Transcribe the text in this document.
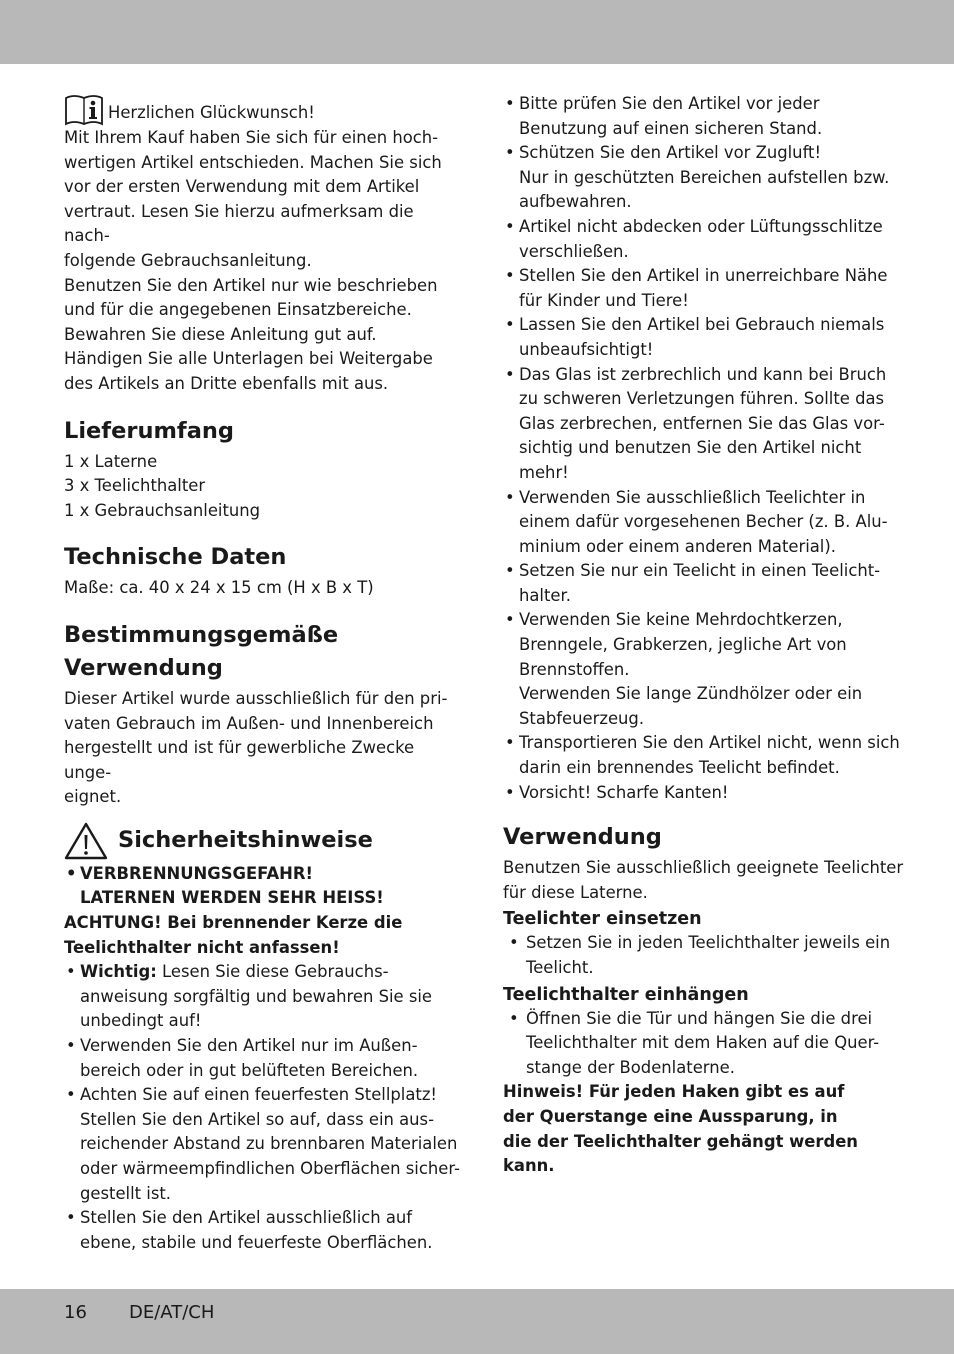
Herzlichen Glückwunsch!
Mit Ihrem Kauf haben Sie sich für einen hoch-
wertigen Artikel entschieden. Machen Sie sich
vor der ersten Verwendung mit dem Artikel
vertraut. Lesen Sie hierzu aufmerksam die nach-
folgende Gebrauchsanleitung.
Benutzen Sie den Artikel nur wie beschrieben
und für die angegebenen Einsatzbereiche.
Bewahren Sie diese Anleitung gut auf.
Händigen Sie alle Unterlagen bei Weitergabe
des Artikels an Dritte ebenfalls mit aus.
Lieferumfang
1 x Laterne
3 x Teelichthalter
1 x Gebrauchsanleitung
Technische Daten

Maße: ca. 40 x 24 x 15 cm (H x B x T)

Bestimmungsgemäße
Verwendung
Dieser Artikel wurde ausschließlich für den pri-
vaten Gebrauch im Außen- und Innenbereich
hergestellt und ist für gewerbliche Zwecke unge-
eignet.
Sicherheitshinweise
• VERBRENNUNGSGEFAHR!
LATERNEN WERDEN SEHR HEISS!

ACHTUNG! Bei brennender Kerze die
Teelichthalter nicht anfassen!

• Wichtig: Lesen Sie diese Gebrauchs-
anweisung sorgfältig und bewahren Sie sie
unbedingt auf!
• Verwenden Sie den Artikel nur im Außen-
bereich oder in gut belüfteten Bereichen.
• Achten Sie auf einen feuerfesten Stellplatz!
Stellen Sie den Artikel so auf, dass ein aus-
reichender Abstand zu brennbaren Materialen
oder wärmeempfindlichen Oberflächen sicher-
gestellt ist.
• Stellen Sie den Artikel ausschließlich auf
ebene, stabile und feuerfeste Oberflächen.
• Bitte prüfen Sie den Artikel vor jeder
Benutzung auf einen sicheren Stand.
• Schützen Sie den Artikel vor Zugluft!
Nur in geschützten Bereichen aufstellen bzw.
aufbewahren.
• Artikel nicht abdecken oder Lüftungsschlitze
verschließen.
• Stellen Sie den Artikel in unerreichbare Nähe
für Kinder und Tiere!
• Lassen Sie den Artikel bei Gebrauch niemals
unbeaufsichtigt!
• Das Glas ist zerbrechlich und kann bei Bruch
zu schweren Verletzungen führen. Sollte das
Glas zerbrechen, entfernen Sie das Glas vor-
sichtig und benutzen Sie den Artikel nicht
mehr!
• Verwenden Sie ausschließlich Teelichter in
einem dafür vorgesehenen Becher (z. B. Alu-
minium oder einem anderen Material).
• Setzen Sie nur ein Teelicht in einen Teelicht-
halter.
• Verwenden Sie keine Mehrdochtkerzen,
Brenngele, Grabkerzen, jegliche Art von
Brennstoffen.
Verwenden Sie lange Zündhölzer oder ein
Stabfeuerzeug.
• Transportieren Sie den Artikel nicht, wenn sich
darin ein brennendes Teelicht befindet.
• Vorsicht! Scharfe Kanten!
Verwendung

Benutzen Sie ausschließlich geeignete Teelichter
für diese Laterne.

Teelichter einsetzen
• Setzen Sie in jeden Teelichthalter jeweils ein
Teelicht.
Teelichthalter einhängen
• Öffnen Sie die Tür und hängen Sie die drei
Teelichthalter mit dem Haken auf die Quer-
stange der Bodenlaterne.

Hinweis! Für jeden Haken gibt es auf
der Querstange eine Aussparung, in
die der Teelichthalter gehängt werden
kann.

16 DE/AT/CH
